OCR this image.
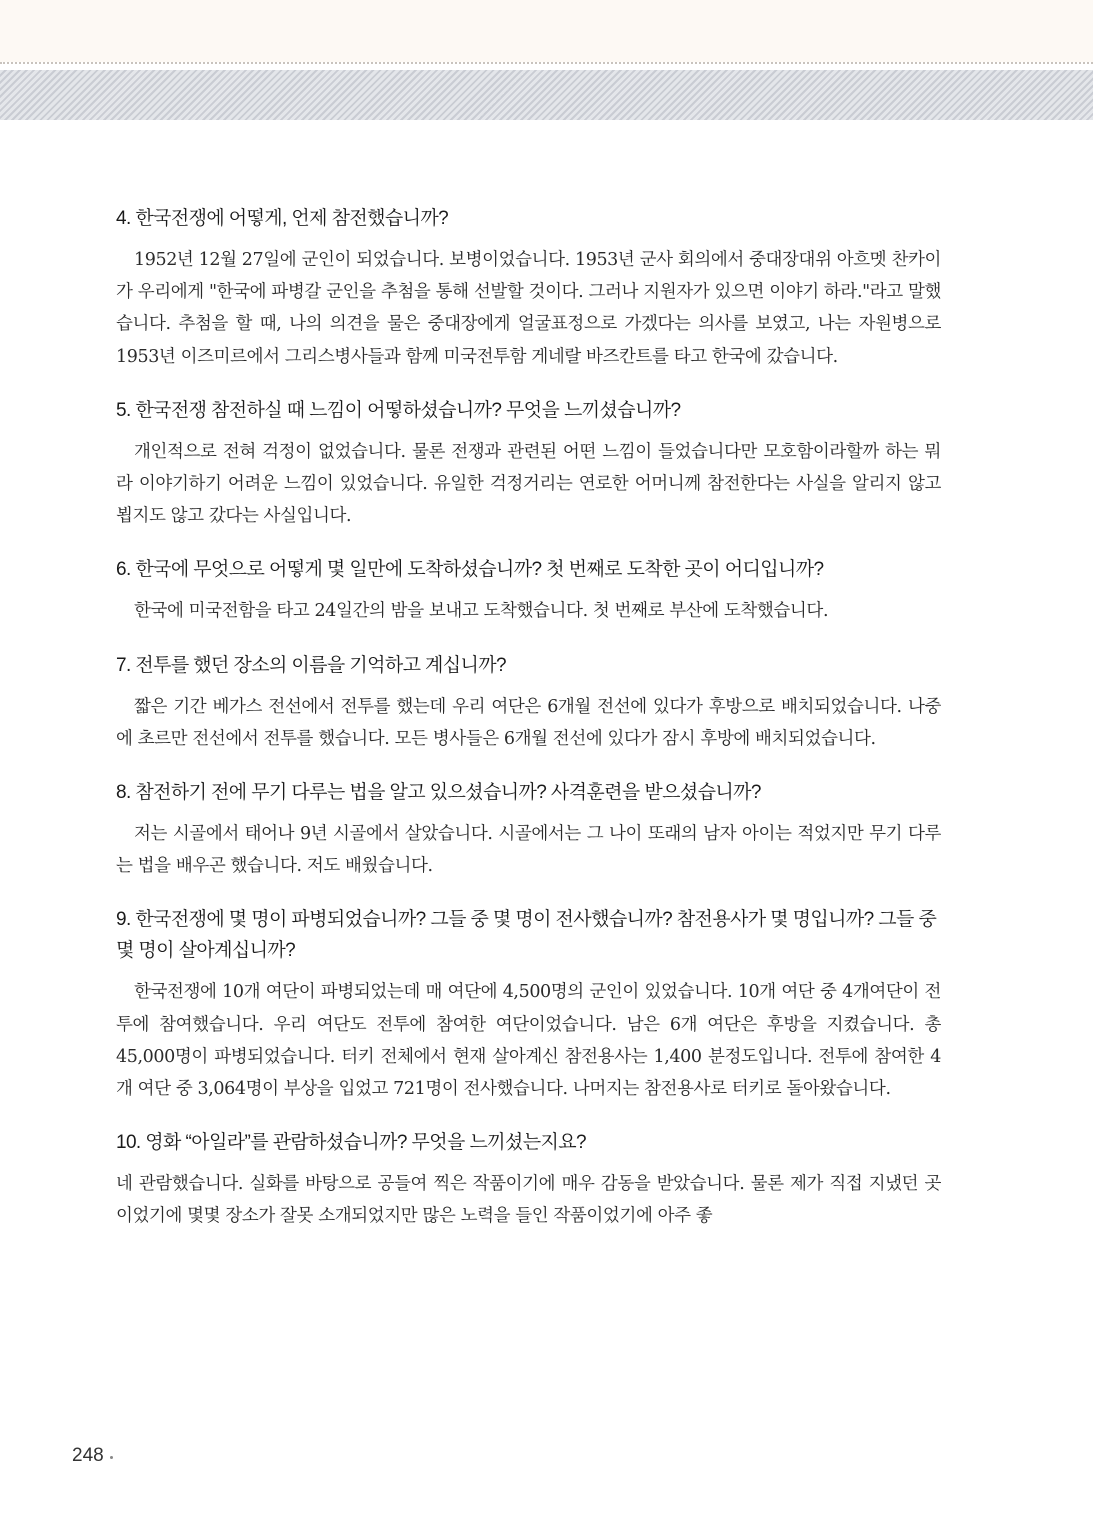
4. 한국전쟁에 어떻게, 언제 참전했습니까?

1952년 12월 27일에 군인이 되었습니다. 보병이었습니다. 1953년 군사 회의에서 중대장대위 아흐멧 찬카이가 우리에게 "한국에 파병갈 군인을 추첨을 통해 선발할 것이다. 그러나 지원자가 있으면 이야기 하라."라고 말했습니다. 추첨을 할 때, 나의 의견을 물은 중대장에게 얼굴표정으로 가겠다는 의사를 보였고, 나는 자원병으로 1953년 이즈미르에서 그리스병사들과 함께 미국전투함 게네랄 바즈칸트를 타고 한국에 갔습니다.

5. 한국전쟁 참전하실 때 느낌이 어떻하셨습니까? 무엇을 느끼셨습니까?

개인적으로 전혀 걱정이 없었습니다. 물론 전쟁과 관련된 어떤 느낌이 들었습니다만 모호함이라할까 하는 뭐라 이야기하기 어려운 느낌이 있었습니다. 유일한 걱정거리는 연로한 어머니께 참전한다는 사실을 알리지 않고 뵙지도 않고 갔다는 사실입니다.

6. 한국에 무엇으로 어떻게 몇 일만에 도착하셨습니까? 첫 번째로 도착한 곳이 어디입니까?

한국에 미국전함을 타고 24일간의 밤을 보내고 도착했습니다. 첫 번째로 부산에 도착했습니다.

7. 전투를 했던 장소의 이름을 기억하고 계십니까?

짧은 기간 베가스 전선에서 전투를 했는데 우리 여단은 6개월 전선에 있다가 후방으로 배치되었습니다. 나중에 초르만 전선에서 전투를 했습니다. 모든 병사들은 6개월 전선에 있다가 잠시 후방에 배치되었습니다.

8. 참전하기 전에 무기 다루는 법을 알고 있으셨습니까? 사격훈련을 받으셨습니까?

저는 시골에서 태어나 9년 시골에서 살았습니다. 시골에서는 그 나이 또래의 남자 아이는 적었지만 무기 다루는 법을 배우곤 했습니다. 저도 배웠습니다.

9. 한국전쟁에 몇 명이 파병되었습니까? 그들 중 몇 명이 전사했습니까? 참전용사가 몇 명입니까? 그들 중 몇 명이 살아계십니까?

한국전쟁에 10개 여단이 파병되었는데 매 여단에 4,500명의 군인이 있었습니다. 10개 여단 중 4개여단이 전투에 참여했습니다. 우리 여단도 전투에 참여한 여단이었습니다. 남은 6개 여단은 후방을 지켰습니다. 총 45,000명이 파병되었습니다. 터키 전체에서 현재 살아계신 참전용사는 1,400 분정도입니다. 전투에 참여한 4개 여단 중 3,064명이 부상을 입었고 721명이 전사했습니다. 나머지는 참전용사로 터키로 돌아왔습니다.

10. 영화 “아일라”를 관람하셨습니까? 무엇을 느끼셨는지요?

네 관람했습니다. 실화를 바탕으로 공들여 찍은 작품이기에 매우 감동을 받았습니다. 물론 제가 직접 지냈던 곳이었기에 몇몇 장소가 잘못 소개되었지만 많은 노력을 들인 작품이었기에 아주 좋

248
